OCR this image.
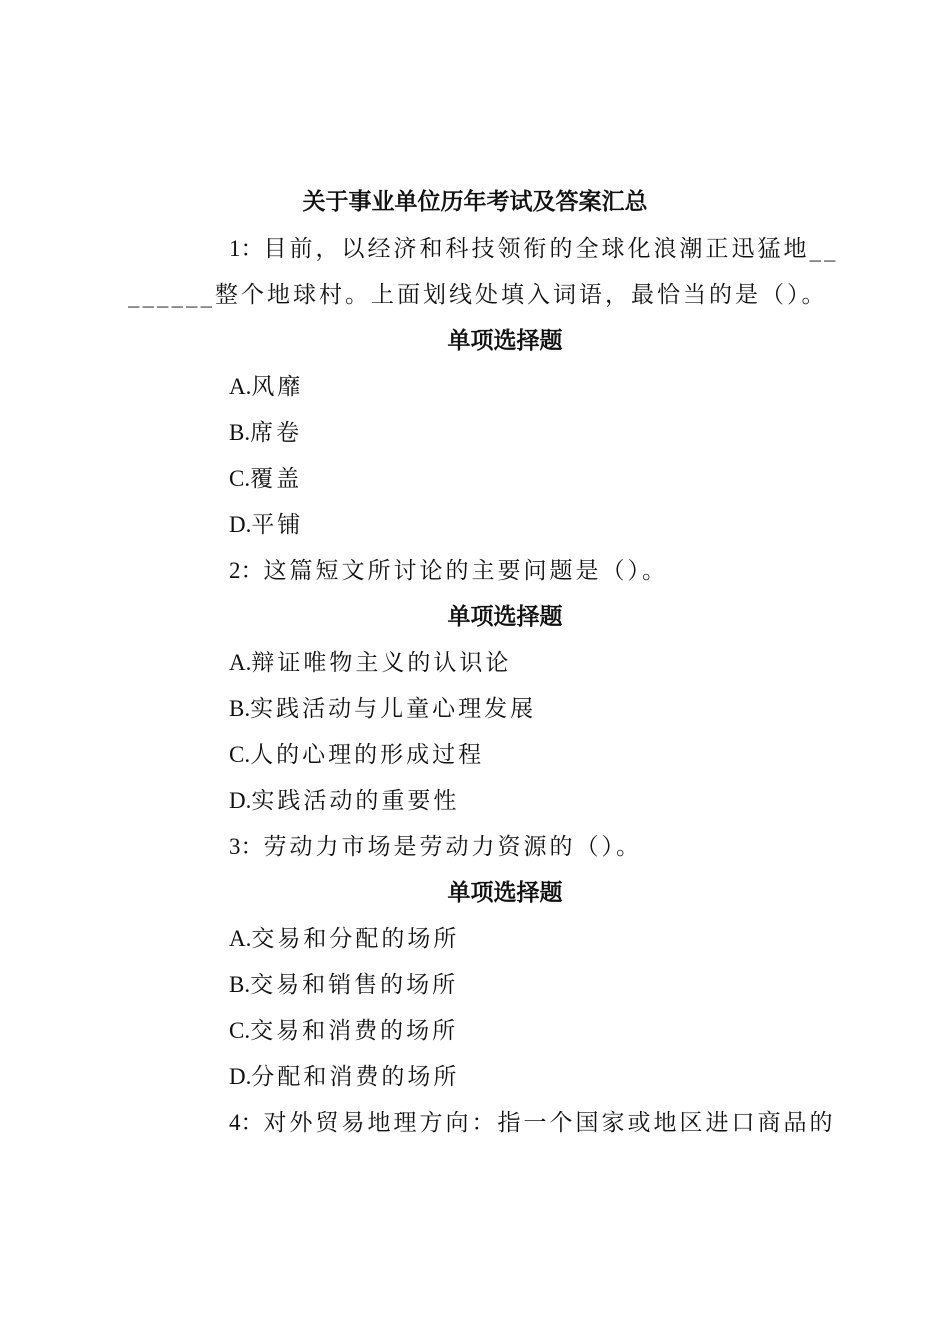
关于事业单位历年考试及答案汇总
1：目前，以经济和科技领衔的全球化浪潮正迅猛地__
______整个地球村。上面划线处填入词语，最恰当的是（）。
单项选择题
A.风靡
B.席卷
C.覆盖
D.平铺
2：这篇短文所讨论的主要问题是（）。
单项选择题
A.辩证唯物主义的认识论
B.实践活动与儿童心理发展
C.人的心理的形成过程
D.实践活动的重要性
3：劳动力市场是劳动力资源的（）。
单项选择题
A.交易和分配的场所
B.交易和销售的场所
C.交易和消费的场所
D.分配和消费的场所
4：对外贸易地理方向：指一个国家或地区进口商品的
